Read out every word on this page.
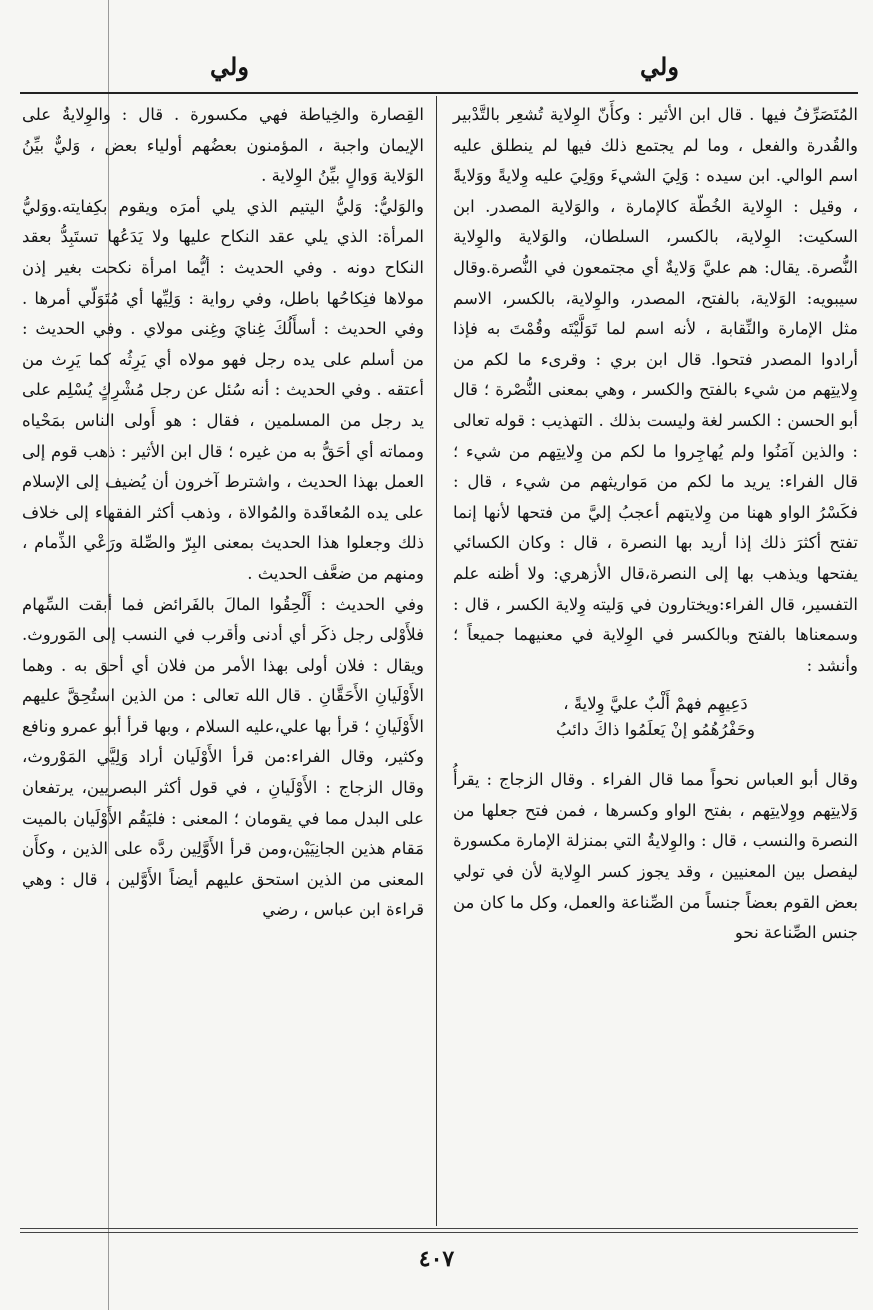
ولي	ولي

المُتَصَرِّفُ فيها . قال ابن الأثير : وكأَنّ الوِلاية تُشعِر بالتَّدْبير والقُدرة والفعل ، وما لم يجتمع ذلك فيها لم ينطلق عليه اسم الوالي. ابن سيده : وَلِيَ الشيءَ ووَلِيَ عليه وِلايةً ووَلايةً ، وقيل : الوِلاية الخُطّة كالإمارة ، والوَلاية المصدر. ابن السكيت: الوِلاية، بالكسر، السلطان، والوَلاية والوِلاية النُّصرة. يقال: هم عليَّ وَلايةٌ أي مجتمعون في النُّصرة.وقال سيبويه: الوَلاية، بالفتح، المصدر، والوِلاية، بالكسر، الاسم مثل الإمارة والنِّقابة ، لأنه اسم لما تَوَلَّيْتَه وقُمْتَ به فإذا أرادوا المصدر فتحوا. قال ابن بري : وقرىء ما لكم من وِلايتِهم من شيء بالفتح والكسر ، وهي بمعنى النُّصْرة ؛ قال أبو الحسن : الكسر لغة وليست بذلك . التهذيب : قوله تعالى : والذين آمَنُوا ولم يُهاجِروا ما لكم من وِلايتِهم من شيء ؛ قال الفراء: يريد ما لكم من مَواريثهم من شيء ، قال : فكَسْرُ الواو ههنا من وِلايتهم أعجبُ إليَّ من فتحها لأنها إنما تفتح أكثرَ ذلك إذا أريد بها النصرة ، قال : وكان الكسائي يفتحها ويذهب بها إلى النصرة،قال الأزهري: ولا أظنه علم التفسير، قال الفراء:ويختارون في وَليته وِلاية الكسر ، قال : وسمعناها بالفتح وبالكسر في الوِلاية في معنيهما جميعاً ؛ وأنشد :

دَعِيهِم فهمْ أَلْبٌ عليَّ وِلايةً ،
وحَفْرُهُمُو إنْ يَعلَمُوا ذاكَ دائبُ

وقال أبو العباس نحواً مما قال الفراء . وقال الزجاج : يقرأُ وَلايتِهم ووِلايتِهم ، بفتح الواو وكسرها ، فمن فتح جعلها من النصرة والنسب ، قال : والوِلايةُ التي بمنزلة الإمارة مكسورة ليفصل بين المعنيين ، وقد يجوز كسر الوِلاية لأن في تولي بعض القوم بعضاً جنساً من الصِّناعة والعمل، وكل ما كان من جنس الصِّناعة نحو

القِصارة والخِياطة فهي مكسورة . قال : والوِلايةُ على الإيمان واجبة ، المؤمنون بعضُهم أولياء بعض ، وَليٌّ بيِّنُ الوَلاية وَوالٍ بيِّنُ الوِلاية .

والوَليُّ: وَليُّ اليتيم الذي يلي أمرَه ويقوم بكِفايته.ووَليُّ المرأة: الذي يلي عقد النكاح عليها ولا يَدَعُها تستَبِدُّ بعقد النكاح دونه . وفي الحديث : أيُّما امرأة نكحت بغير إذن مولاها فنِكاحُها باطل، وفي رواية : وَلِيِّها أي مُتَوَلّي أمرها . وفي الحديث : أسأَلُكَ غِنايَ وغِنى مولاي . وفي الحديث : من أسلم على يده رجل فهو مولاه أي يَرِثُه كما يَرِث من أعتقه . وفي الحديث : أنه سُئل عن رجل مُشْرِكٍ يُسْلِم على يد رجل من المسلمين ، فقال : هو أَولى الناس بمَحْياه ومماته أي أحَقُّ به من غيره ؛ قال ابن الأثير : ذهب قوم إلى العمل بهذا الحديث ، واشترط آخرون أن يُضيف إلى الإسلام على يده المُعاقَدة والمُوالاة ، وذهب أكثر الفقهاء إلى خلاف ذلك وجعلوا هذا الحديث بمعنى البِرّ والصِّلة ورَعْي الذِّمام ، ومنهم من ضعَّف الحديث .

وفي الحديث : أَلْحِقُوا المالَ بالفَرائض فما أبقت السِّهام فلأَوْلى رجل ذكَر أي أدنى وأقرب في النسب إلى المَوروث. ويقال : فلان أولى بهذا الأمر من فلان أي أحق به . وهما الأَوْلَيانِ الأَحَقَّانِ . قال الله تعالى : من الذين استُحِقَّ عليهم الأَوْلَيانِ ؛ قرأ بها علي،عليه السلام ، وبها قرأ أبو عمرو ونافع وكثير، وقال الفراء:من قرأ الأَوْلَيان أراد وَلِيَّي المَوْروث، وقال الزجاج : الأَوْلَيانِ ، في قول أكثر البصريين، يرتفعان على البدل مما في يقومان ؛ المعنى : فليَقُم الأَوْلَيان بالميت مَقام هذين الجانِيَيْن،ومن قرأ الأَوَّلِين ردَّه على الذين ، وكأَن المعنى من الذين استحق عليهم أيضاً الأَوَّلين ، قال : وهي قراءة ابن عباس ، رضي

٤٠٧
